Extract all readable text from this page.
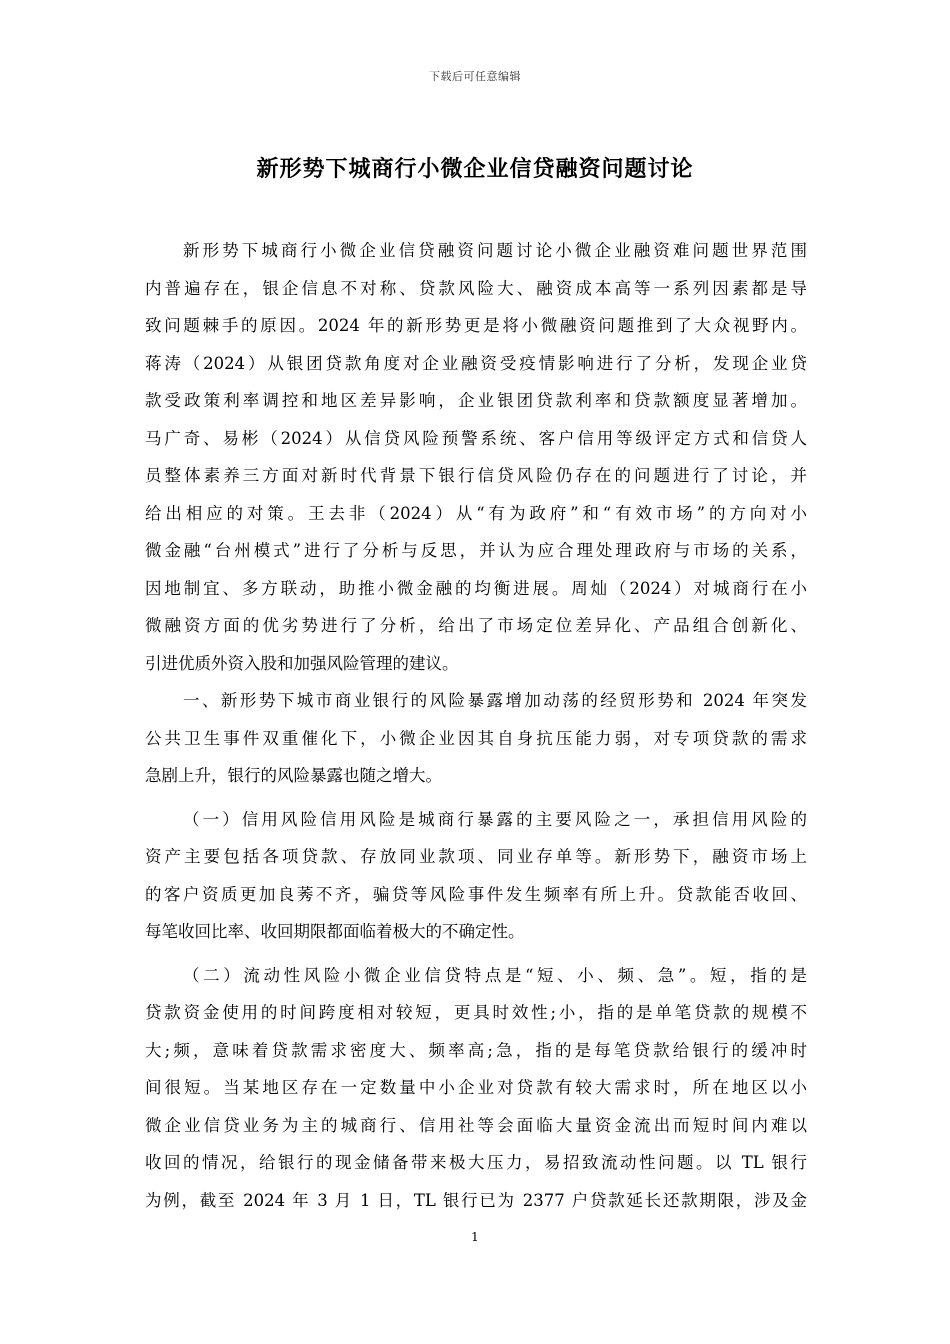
下载后可任意编辑
新形势下城商行小微企业信贷融资问题讨论
新形势下城商行小微企业信贷融资问题讨论小微企业融资难问题世界范围
内普遍存在，银企信息不对称、贷款风险大、融资成本高等一系列因素都是导
致问题棘手的原因。2024 年的新形势更是将小微融资问题推到了大众视野内。
蒋涛（2024）从银团贷款角度对企业融资受疫情影响进行了分析，发现企业贷
款受政策利率调控和地区差异影响，企业银团贷款利率和贷款额度显著增加。
马广奇、易彬（2024）从信贷风险预警系统、客户信用等级评定方式和信贷人
员整体素养三方面对新时代背景下银行信贷风险仍存在的问题进行了讨论，并
给出相应的对策。王去非（2024）从“有为政府”和“有效市场”的方向对小
微金融“台州模式”进行了分析与反思，并认为应合理处理政府与市场的关系，
因地制宜、多方联动，助推小微金融的均衡进展。周灿（2024）对城商行在小
微融资方面的优劣势进行了分析，给出了市场定位差异化、产品组合创新化、
引进优质外资入股和加强风险管理的建议。
一、新形势下城市商业银行的风险暴露增加动荡的经贸形势和 2024 年突发
公共卫生事件双重催化下，小微企业因其自身抗压能力弱，对专项贷款的需求
急剧上升，银行的风险暴露也随之增大。
（一）信用风险信用风险是城商行暴露的主要风险之一，承担信用风险的
资产主要包括各项贷款、存放同业款项、同业存单等。新形势下，融资市场上
的客户资质更加良莠不齐，骗贷等风险事件发生频率有所上升。贷款能否收回、
每笔收回比率、收回期限都面临着极大的不确定性。
（二）流动性风险小微企业信贷特点是“短、小、频、急”。短，指的是
贷款资金使用的时间跨度相对较短，更具时效性;小，指的是单笔贷款的规模不
大;频，意味着贷款需求密度大、频率高;急，指的是每笔贷款给银行的缓冲时
间很短。当某地区存在一定数量中小企业对贷款有较大需求时，所在地区以小
微企业信贷业务为主的城商行、信用社等会面临大量资金流出而短时间内难以
收回的情况，给银行的现金储备带来极大压力，易招致流动性问题。以 TL 银行
为例，截至 2024 年 3 月 1 日，TL 银行已为 2377 户贷款延长还款期限，涉及金
1
